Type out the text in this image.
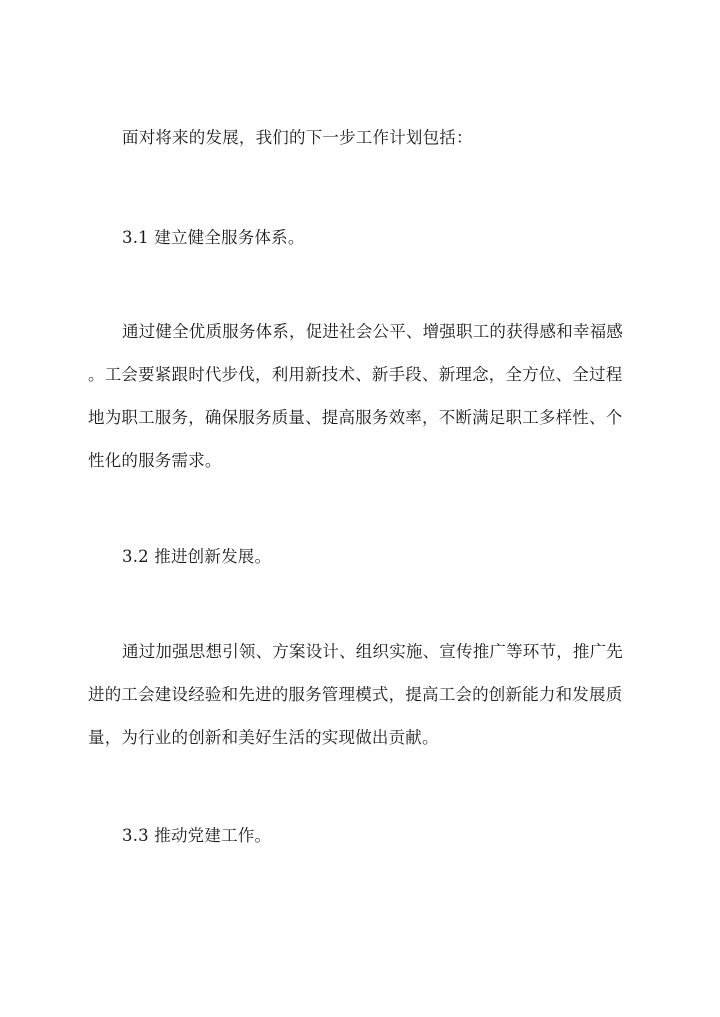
面对将来的发展，我们的下一步工作计划包括：
3.1 建立健全服务体系。
通过健全优质服务体系，促进社会公平、增强职工的获得感和幸福感
。工会要紧跟时代步伐，利用新技术、新手段、新理念，全方位、全过程
地为职工服务，确保服务质量、提高服务效率，不断满足职工多样性、个
性化的服务需求。
3.2 推进创新发展。
通过加强思想引领、方案设计、组织实施、宣传推广等环节，推广先
进的工会建设经验和先进的服务管理模式，提高工会的创新能力和发展质
量，为行业的创新和美好生活的实现做出贡献。
3.3 推动党建工作。
